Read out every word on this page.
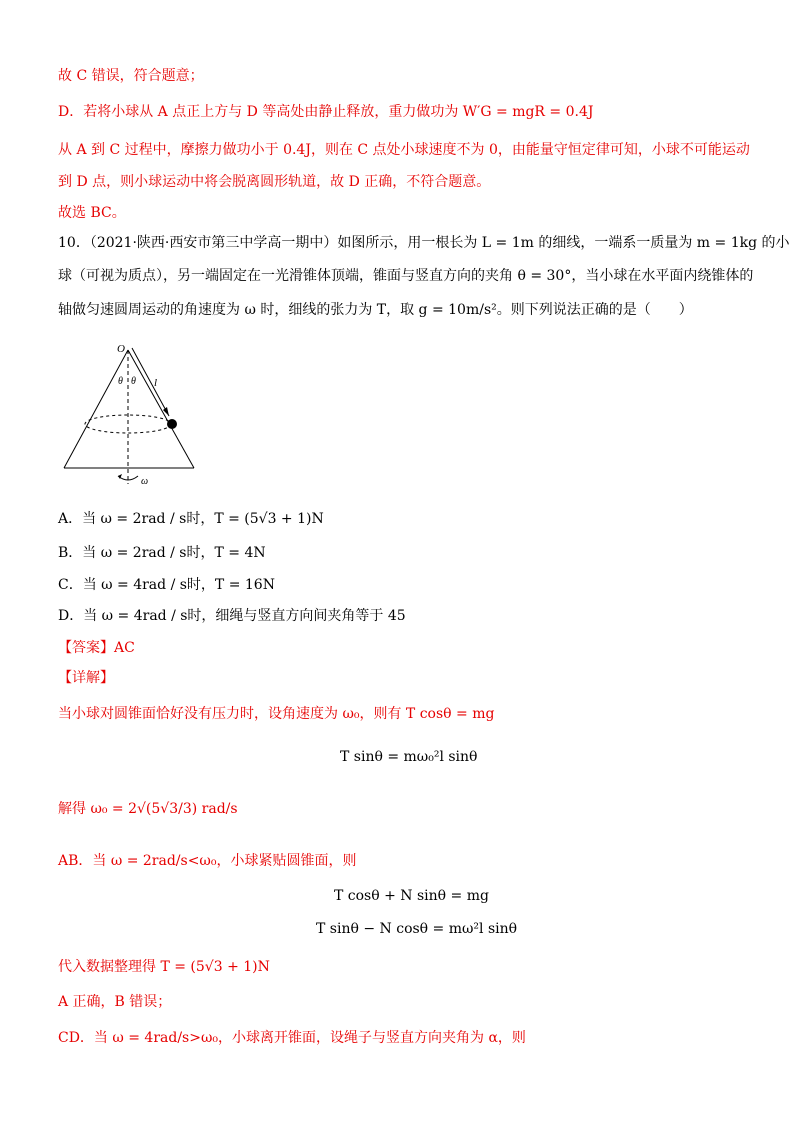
故 C 错误，符合题意；
D．若将小球从 A 点正上方与 D 等高处由静止释放，重力做功为 W′G = mgR = 0.4J
从 A 到 C 过程中，摩擦力做功小于 0.4J，则在 C 点处小球速度不为 0，由能量守恒定律可知，小球不可能运动
到 D 点，则小球运动中将会脱离圆形轨道，故 D 正确，不符合题意。
故选 BC。
10．（2021·陕西·西安市第三中学高一期中）如图所示，用一根长为 L = 1m 的细线，一端系一质量为 m = 1kg 的小
球（可视为质点），另一端固定在一光滑锥体顶端，锥面与竖直方向的夹角 θ = 30°，当小球在水平面内绕锥体的
轴做匀速圆周运动的角速度为 ω 时，细线的张力为 T，取 g = 10m/s²。则下列说法正确的是（　　）
O
θ θ l
ω
A．当 ω = 2rad / s时，T = (5√3 + 1)N
B．当 ω = 2rad / s时，T = 4N
C．当 ω = 4rad / s时，T = 16N
D．当 ω = 4rad / s时，细绳与竖直方向间夹角等于 45
【答案】AC
【详解】
当小球对圆锥面恰好没有压力时，设角速度为 ω₀，则有 T cosθ = mg
T sinθ = mω₀²l sinθ
解得 ω₀ = 2√(5√3/3) rad/s
AB．当 ω = 2rad/s<ω₀，小球紧贴圆锥面，则
T cosθ + N sinθ = mg
T sinθ − N cosθ = mω²l sinθ
代入数据整理得 T = (5√3 + 1)N
A 正确，B 错误；
CD．当 ω = 4rad/s>ω₀，小球离开锥面，设绳子与竖直方向夹角为 α，则
